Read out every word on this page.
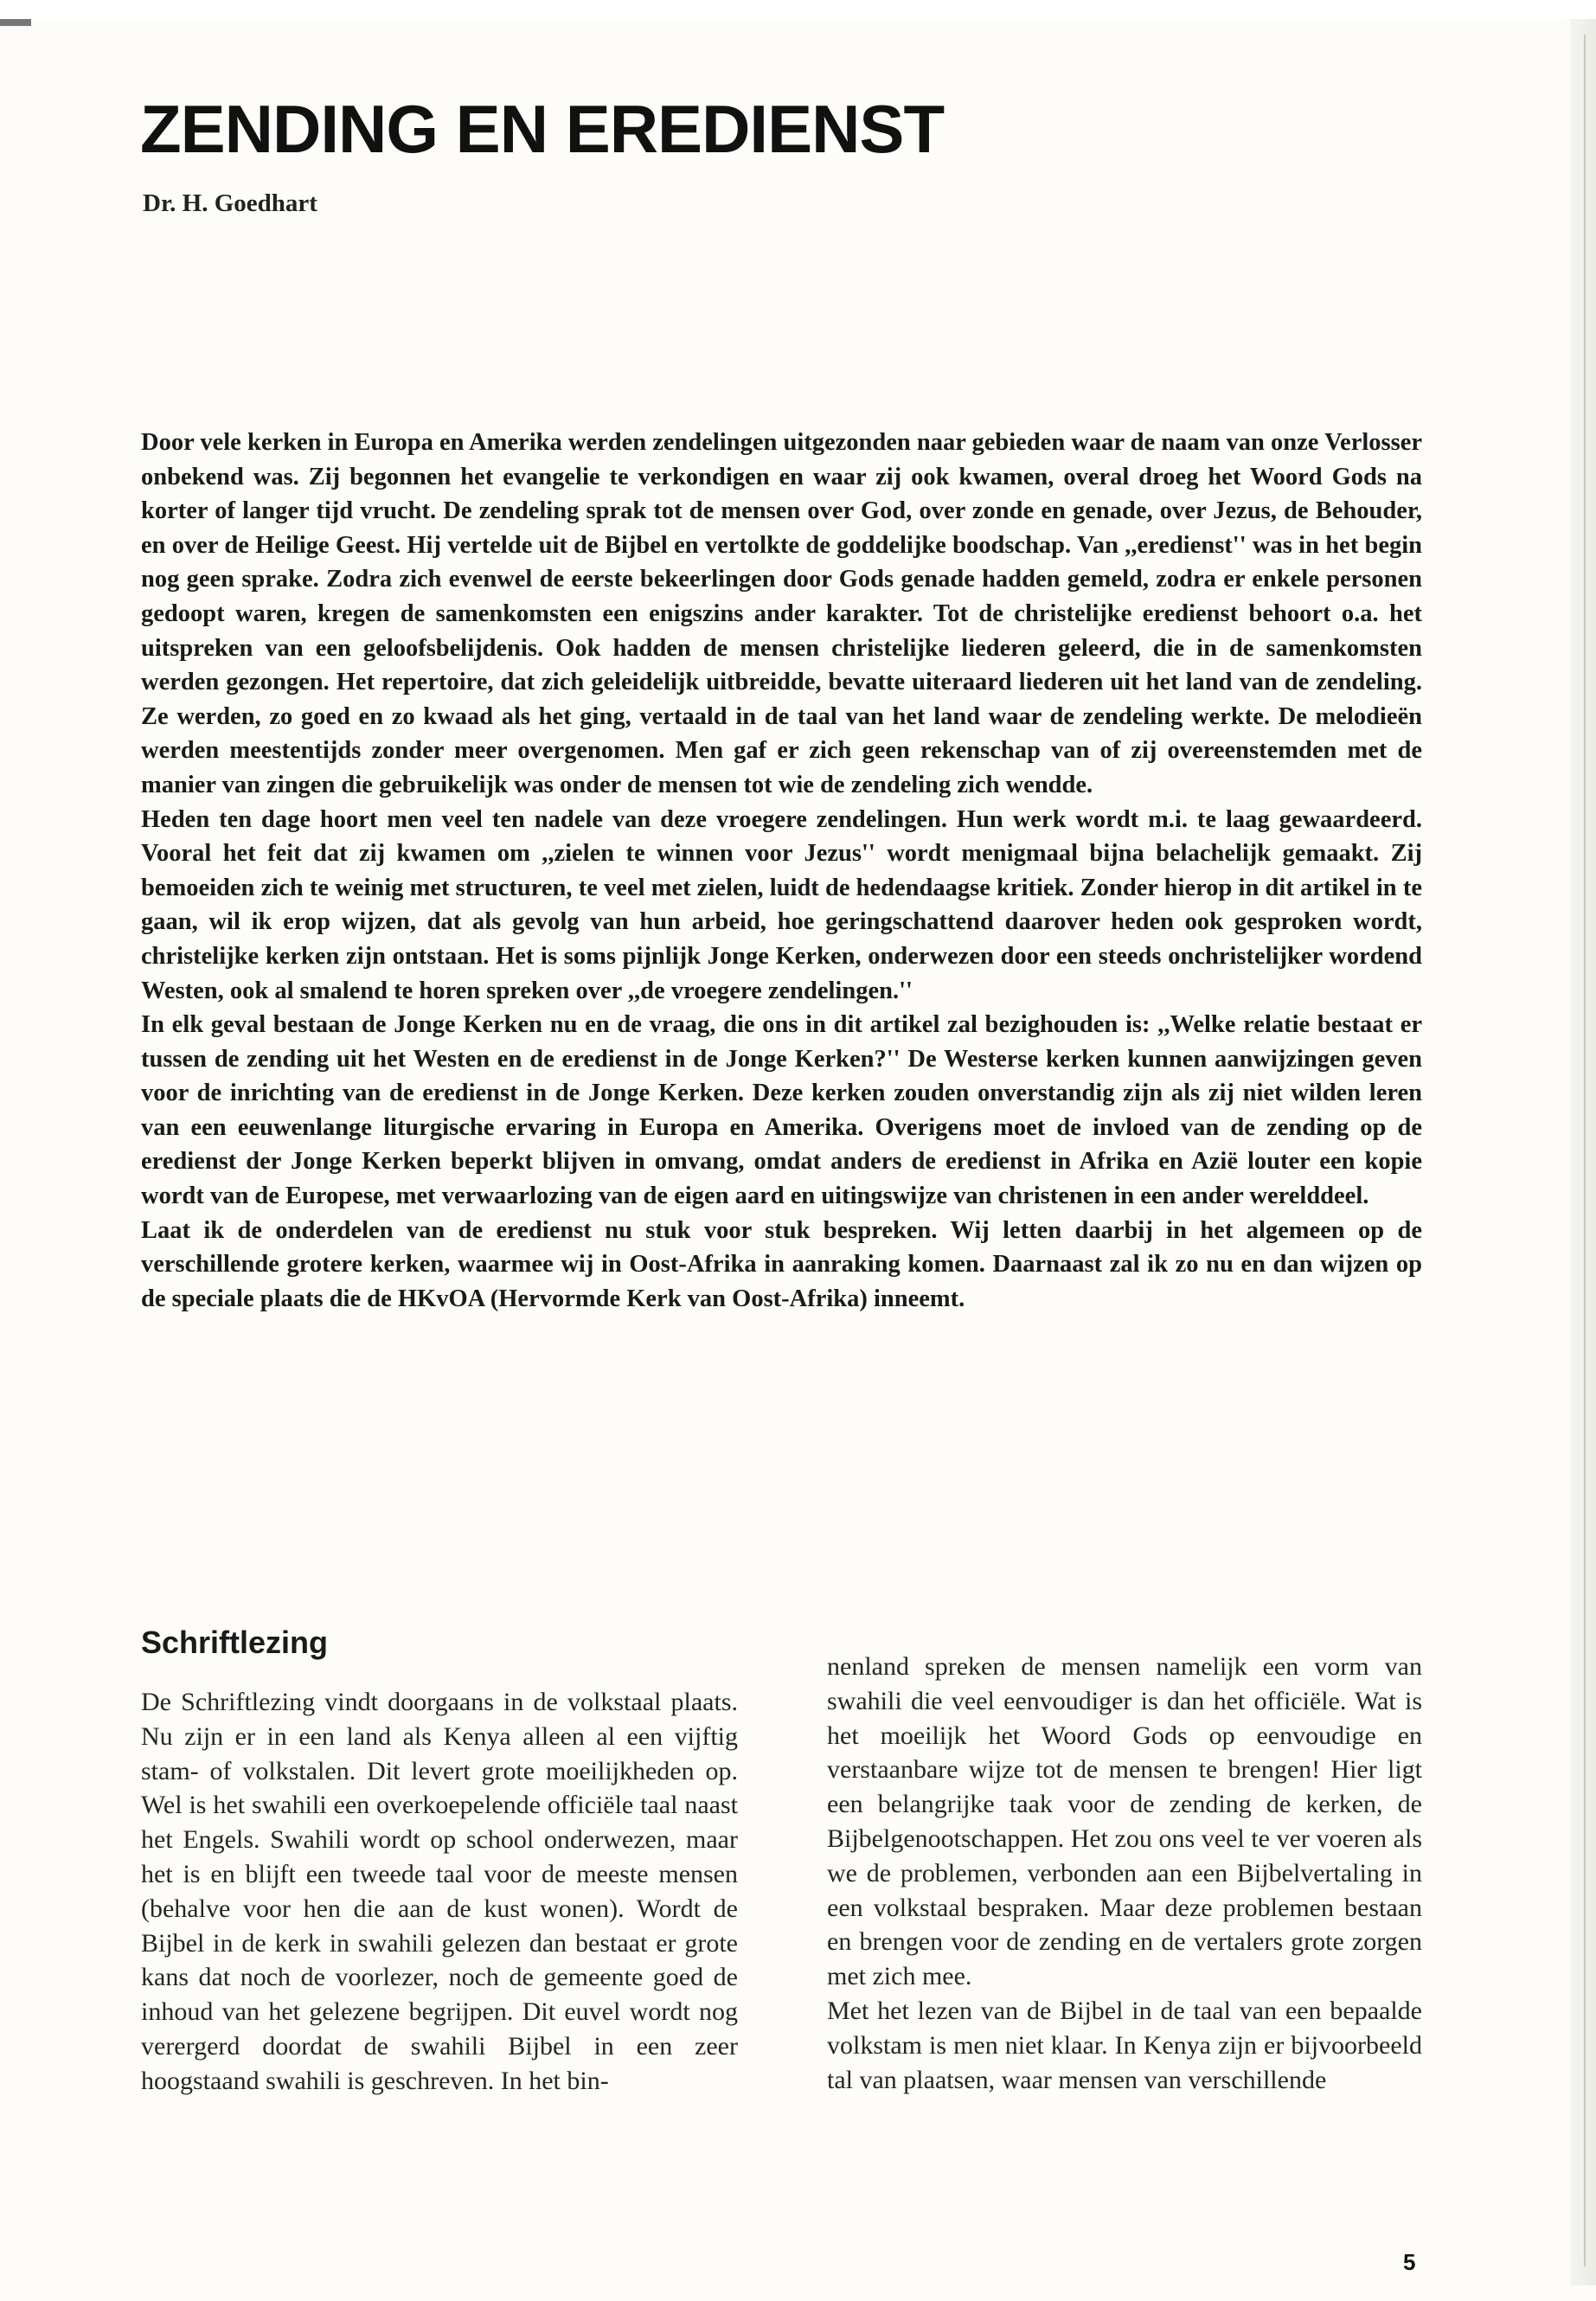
ZENDING EN EREDIENST
Dr. H. Goedhart

Door vele kerken in Europa en Amerika werden zendelingen uitgezonden naar gebieden waar de naam van onze Verlosser onbekend was. Zij begonnen het evangelie te verkondigen en waar zij ook kwamen, overal droeg het Woord Gods na korter of langer tijd vrucht. De zendeling sprak tot de mensen over God, over zonde en genade, over Jezus, de Behouder, en over de Heilige Geest. Hij vertelde uit de Bijbel en vertolkte de goddelijke boodschap. Van ,,eredienst'' was in het begin nog geen sprake. Zodra zich evenwel de eerste bekeerlingen door Gods genade hadden gemeld, zodra er enkele personen gedoopt waren, kregen de samenkomsten een enigszins ander karakter. Tot de christelijke eredienst behoort o.a. het uitspreken van een geloofsbelijdenis. Ook hadden de mensen christelijke liederen geleerd, die in de samenkomsten werden gezongen. Het repertoire, dat zich geleidelijk uitbreidde, bevatte uiteraard liederen uit het land van de zendeling. Ze werden, zo goed en zo kwaad als het ging, vertaald in de taal van het land waar de zendeling werkte. De melodieën werden meestentijds zonder meer overgenomen. Men gaf er zich geen rekenschap van of zij overeenstemden met de manier van zingen die gebruikelijk was onder de mensen tot wie de zendeling zich wendde.

Heden ten dage hoort men veel ten nadele van deze vroegere zendelingen. Hun werk wordt m.i. te laag gewaardeerd. Vooral het feit dat zij kwamen om ,,zielen te winnen voor Jezus'' wordt menigmaal bijna belachelijk gemaakt. Zij bemoeiden zich te weinig met structuren, te veel met zielen, luidt de hedendaagse kritiek. Zonder hierop in dit artikel in te gaan, wil ik erop wijzen, dat als gevolg van hun arbeid, hoe geringschattend daarover heden ook gesproken wordt, christelijke kerken zijn ontstaan. Het is soms pijnlijk Jonge Kerken, onderwezen door een steeds onchristelijker wordend Westen, ook al smalend te horen spreken over ,,de vroegere zendelingen.''

In elk geval bestaan de Jonge Kerken nu en de vraag, die ons in dit artikel zal bezighouden is: ,,Welke relatie bestaat er tussen de zending uit het Westen en de eredienst in de Jonge Kerken?'' De Westerse kerken kunnen aanwijzingen geven voor de inrichting van de eredienst in de Jonge Kerken. Deze kerken zouden onverstandig zijn als zij niet wilden leren van een eeuwenlange liturgische ervaring in Europa en Amerika. Overigens moet de invloed van de zending op de eredienst der Jonge Kerken beperkt blijven in omvang, omdat anders de eredienst in Afrika en Azië louter een kopie wordt van de Europese, met verwaarlozing van de eigen aard en uitingswijze van christenen in een ander werelddeel.

Laat ik de onderdelen van de eredienst nu stuk voor stuk bespreken. Wij letten daarbij in het algemeen op de verschillende grotere kerken, waarmee wij in Oost-Afrika in aanraking komen. Daarnaast zal ik zo nu en dan wijzen op de speciale plaats die de HKvOA (Hervormde Kerk van Oost-Afrika) inneemt.

Schriftlezing

De Schriftlezing vindt doorgaans in de volkstaal plaats. Nu zijn er in een land als Kenya alleen al een vijftig stam- of volkstalen. Dit levert grote moeilijkheden op. Wel is het swahili een overkoepelende officiële taal naast het Engels. Swahili wordt op school onderwezen, maar het is en blijft een tweede taal voor de meeste mensen (behalve voor hen die aan de kust wonen). Wordt de Bijbel in de kerk in swahili gelezen dan bestaat er grote kans dat noch de voorlezer, noch de gemeente goed de inhoud van het gelezene begrijpen. Dit euvel wordt nog verergerd doordat de swahili Bijbel in een zeer hoogstaand swahili is geschreven. In het bin-

nenland spreken de mensen namelijk een vorm van swahili die veel eenvoudiger is dan het officiële. Wat is het moeilijk het Woord Gods op eenvoudige en verstaanbare wijze tot de mensen te brengen! Hier ligt een belangrijke taak voor de zending de kerken, de Bijbelgenootschappen. Het zou ons veel te ver voeren als we de problemen, verbonden aan een Bijbelvertaling in een volkstaal bespraken. Maar deze problemen bestaan en brengen voor de zending en de vertalers grote zorgen met zich mee.

Met het lezen van de Bijbel in de taal van een bepaalde volkstam is men niet klaar. In Kenya zijn er bijvoorbeeld tal van plaatsen, waar mensen van verschillende

5
